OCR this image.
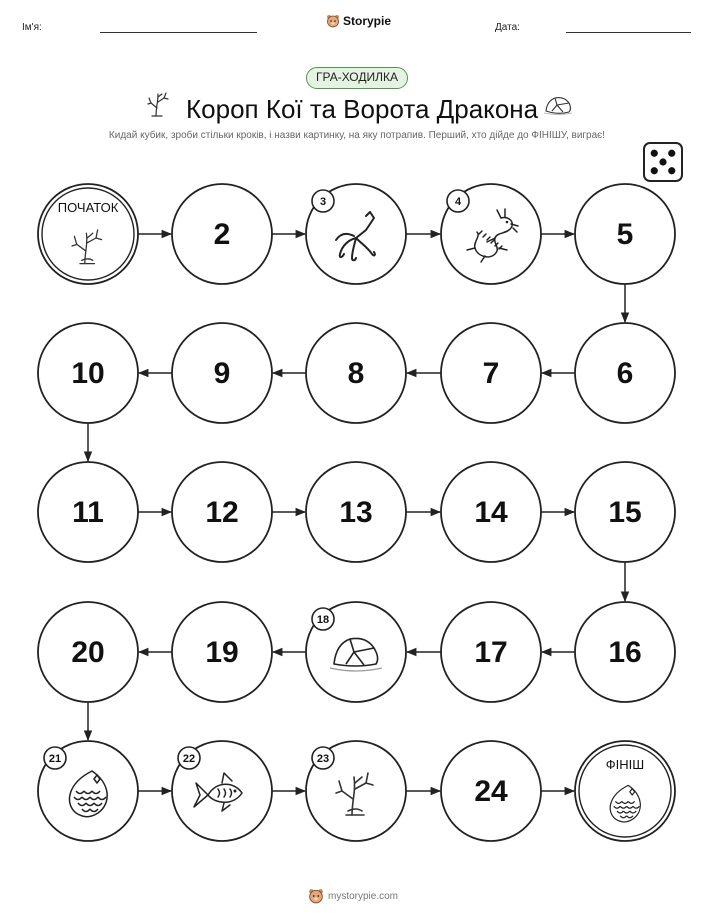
Ім'я:	Storypie	Дата:
ГРА-ХОДИЛКА
Короп Кої та Ворота Дракона
Кидай кубик, зроби стільки кроків, і назви картинку, на яку потрапив. Перший, хто дійде до ФІНІШУ, виграє!
ПОЧАТОК
2
3	4
5
6
7
8
9
10
11	12	13	14	15
16
17
18
19
20
21	22	23
24
ФІНІШ
mystorypie.com
